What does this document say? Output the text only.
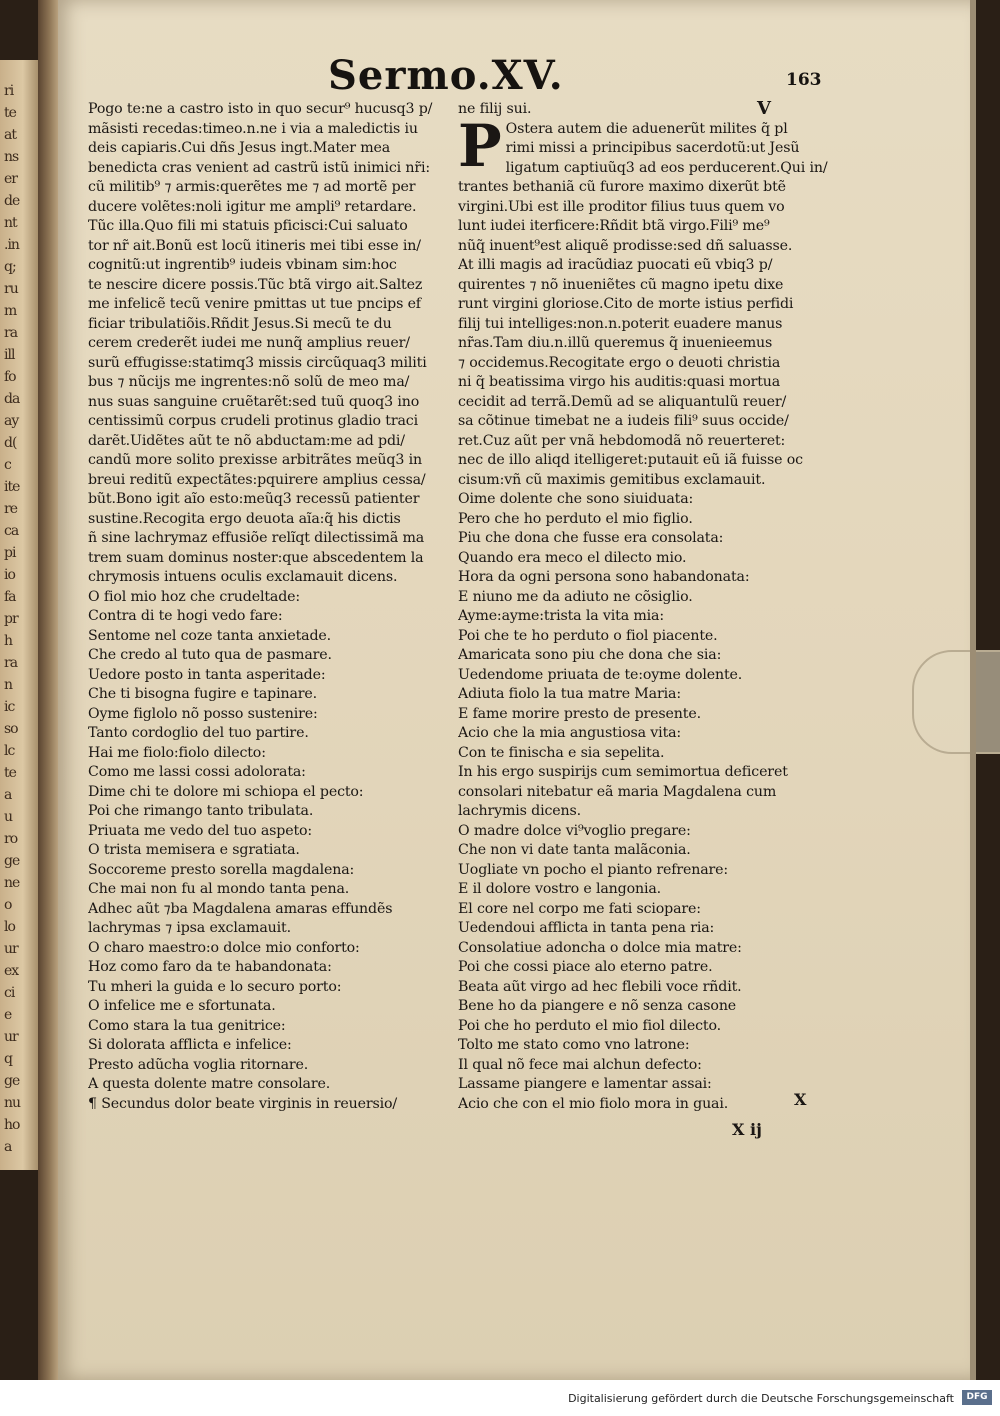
ri
te
at
ns
er
de
nt
.in
q;
ru
m
ra
ill
fo
da
ay
d(
c
ite
re
ca
pi
io
fa
pr
h
ra
n
ic
so
lc
te
a
u
ro
ge
ne
o
lo
ur
ex
ci
e
ur
q
ge
nu
ho
a

Sermo.XV.	163
V
Pogo te:ne a castro isto in quo secur⁹ hucusq3 p/
mãsisti recedas:timeo.n.ne i via a maledictis iu
deis capiaris.Cui dñs Jesus ingt.Mater mea
benedicta cras venient ad castrũ istũ inimici nr̃i:
cũ militib⁹ ⁊ armis:querẽtes me ⁊ ad mortẽ per
ducere volẽtes:noli igitur me ampli⁹ retardare.
Tũc illa.Quo fili mi statuis pficisci:Cui saluato
tor nr̃ ait.Bonũ est locũ itineris mei tibi esse in/
cognitũ:ut ingrentib⁹ iudeis vbinam sim:hoc
te nescire dicere possis.Tũc btã virgo ait.Saltez
me infelicẽ tecũ venire pmittas ut tue pncips ef
ficiar tribulatiõis.Rñdit Jesus.Si mecũ te du
cerem crederẽt iudei me nunq̃ amplius reuer/
surũ effugisse:statimq3 missis circũquaq3 militi
bus ⁊ nũcijs me ingrentes:nõ solũ de meo ma/
nus suas sanguine cruẽtarẽt:sed tuũ quoq3 ino
centissimũ corpus crudeli protinus gladio traci
darẽt.Uidẽtes aũt te nõ abductam:me ad pdi/
candũ more solito prexisse arbitrãtes meũq3 in
breui reditũ expectãtes:pquirere amplius cessa/
bũt.Bono igit aĩo esto:meũq3 recessũ patienter
sustine.Recogita ergo deuota aĩa:q̃ his dictis
ñ sine lachrymaz effusiõe relĩqt dilectissimã ma
trem suam dominus noster:que abscedentem la
chrymosis intuens oculis exclamauit dicens.
O fiol mio hoz che crudeltade:
Contra di te hogi vedo fare:
Sentome nel coze tanta anxietade.
Che credo al tuto qua de pasmare.
Uedore posto in tanta asperitade:
Che ti bisogna fugire e tapinare.
Oyme figlolo nõ posso sustenire:
Tanto cordoglio del tuo partire.
Hai me fiolo:fiolo dilecto:
Como me lassi cossi adolorata:
Dime chi te dolore mi schiopa el pecto:
Poi che rimango tanto tribulata.
Priuata me vedo del tuo aspeto:
O trista memisera e sgratiata.
Soccoreme presto sorella magdalena:
Che mai non fu al mondo tanta pena.
Adhec aũt ⁊ba Magdalena amaras effundẽs
lachrymas ⁊ ipsa exclamauit.
O charo maestro:o dolce mio conforto:
Hoz como faro da te habandonata:
Tu mheri la guida e lo securo porto:
O infelice me e sfortunata.
Como stara la tua genitrice:
Si dolorata afflicta e infelice:
Presto adũcha voglia ritornare.
A questa dolente matre consolare.
¶ Secundus dolor beate virginis in reuersio/
ne filij sui.
P Ostera autem die aduenerũt milites q̃ pl
rimi missi a principibus sacerdotũ:ut Jesũ
ligatum captiuũq3 ad eos perducerent.Qui in/
trantes bethaniã cũ furore maximo dixerũt btẽ
virgini.Ubi est ille proditor filius tuus quem vo
lunt iudei iterficere:Rñdit btã virgo.Fili⁹ me⁹
nũq̃ inuent⁹est aliquẽ prodisse:sed dñ saluasse.
At illi magis ad iracũdiaz puocati eũ vbiq3 p/
quirentes ⁊ nõ inueniẽtes cũ magno ipetu dixe
runt virgini gloriose.Cito de morte istius perfidi
filij tui intelliges:non.n.poterit euadere manus
nr̃as.Tam diu.n.illũ queremus q̃ inuenieemus
⁊ occidemus.Recogitate ergo o deuoti christia
ni q̃ beatissima virgo his auditis:quasi mortua
cecidit ad terrã.Demũ ad se aliquantulũ reuer/
sa cõtinue timebat ne a iudeis fili⁹ suus occide/
ret.Cuz aũt per vnã hebdomodã nõ reuerteret:
nec de illo aliqd itelligeret:putauit eũ iã fuisse oc
cisum:vñ cũ maximis gemitibus exclamauit.
Oime dolente che sono siuiduata:
Pero che ho perduto el mio figlio.
Piu che dona che fusse era consolata:
Quando era meco el dilecto mio.
Hora da ogni persona sono habandonata:
E niuno me da adiuto ne cõsiglio.
Ayme:ayme:trista la vita mia:
Poi che te ho perduto o fiol piacente.
Amaricata sono piu che dona che sia:
Uedendome priuata de te:oyme dolente.
Adiuta fiolo la tua matre Maria:
E fame morire presto de presente.
Acio che la mia angustiosa vita:
Con te finischa e sia sepelita.
In his ergo suspirijs cum semimortua deficeret
consolari nitebatur eã maria Magdalena cum
lachrymis dicens.
O madre dolce vi⁹voglio pregare:
Che non vi date tanta malãconia.
Uogliate vn pocho el pianto refrenare:
E il dolore vostro e langonia.
El core nel corpo me fati sciopare:
Uedendoui afflicta in tanta pena ria:
Consolatiue adoncha o dolce mia matre:
Poi che cossi piace alo eterno patre.
Beata aũt virgo ad hec flebili voce rñdit.
Bene ho da piangere e nõ senza casone
Poi che ho perduto el mio fiol dilecto.
Tolto me stato como vno latrone:
Il qual nõ fece mai alchun defecto:
Lassame piangere e lamentar assai:
Acio che con el mio fiolo mora in guai.	X
X ij
Digitalisierung gefördert durch die Deutsche Forschungsgemeinschaft	DFG
